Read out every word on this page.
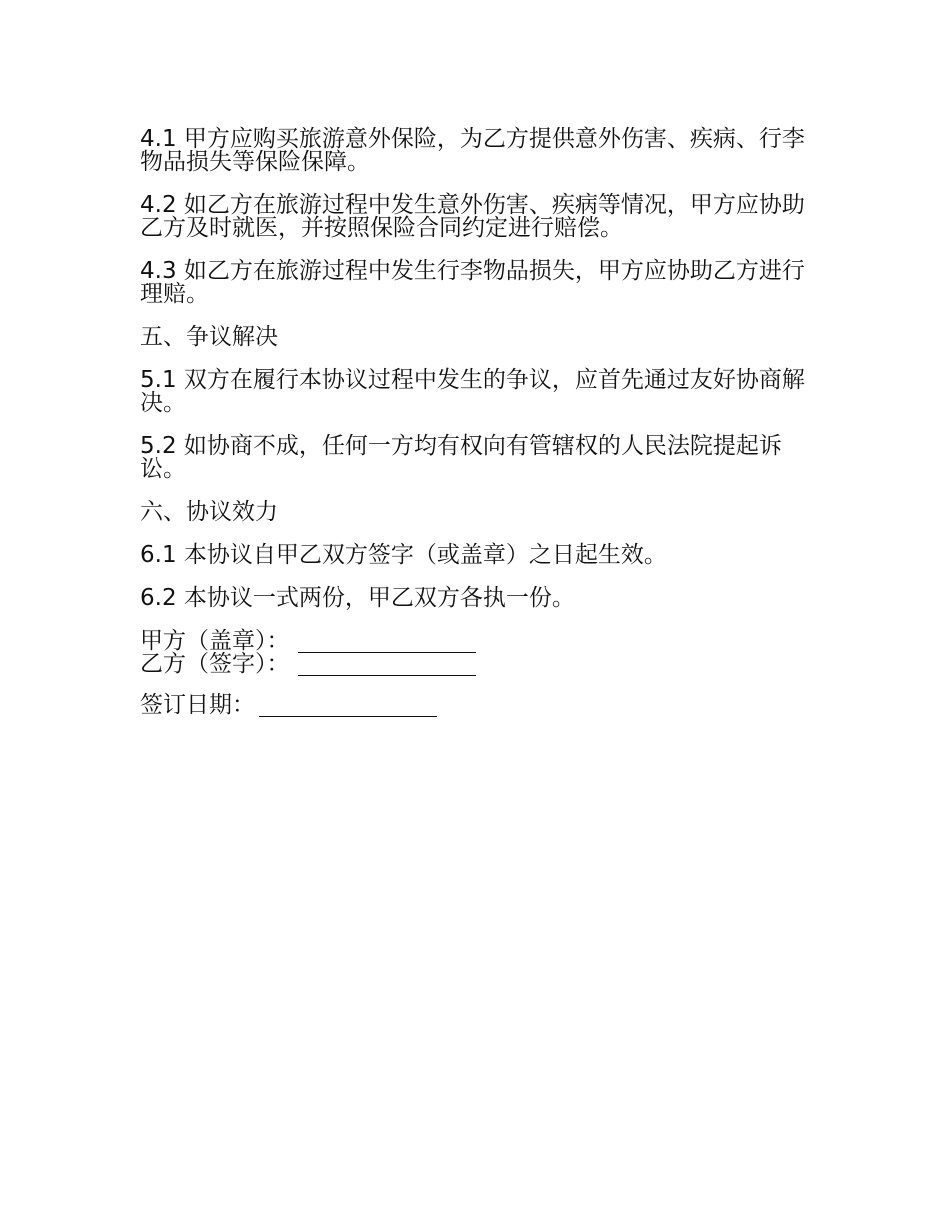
4.1 甲方应购买旅游意外保险，为乙方提供意外伤害、疾病、行李物品损失等保险保障。

4.2 如乙方在旅游过程中发生意外伤害、疾病等情况，甲方应协助乙方及时就医，并按照保险合同约定进行赔偿。

4.3 如乙方在旅游过程中发生行李物品损失，甲方应协助乙方进行理赔。

五、争议解决

5.1 双方在履行本协议过程中发生的争议，应首先通过友好协商解决。

5.2 如协商不成，任何一方均有权向有管辖权的人民法院提起诉讼。

六、协议效力

6.1 本协议自甲乙双方签字（或盖章）之日起生效。

6.2 本协议一式两份，甲乙双方各执一份。

甲方（盖章）：
乙方（签字）：
签订日期：
